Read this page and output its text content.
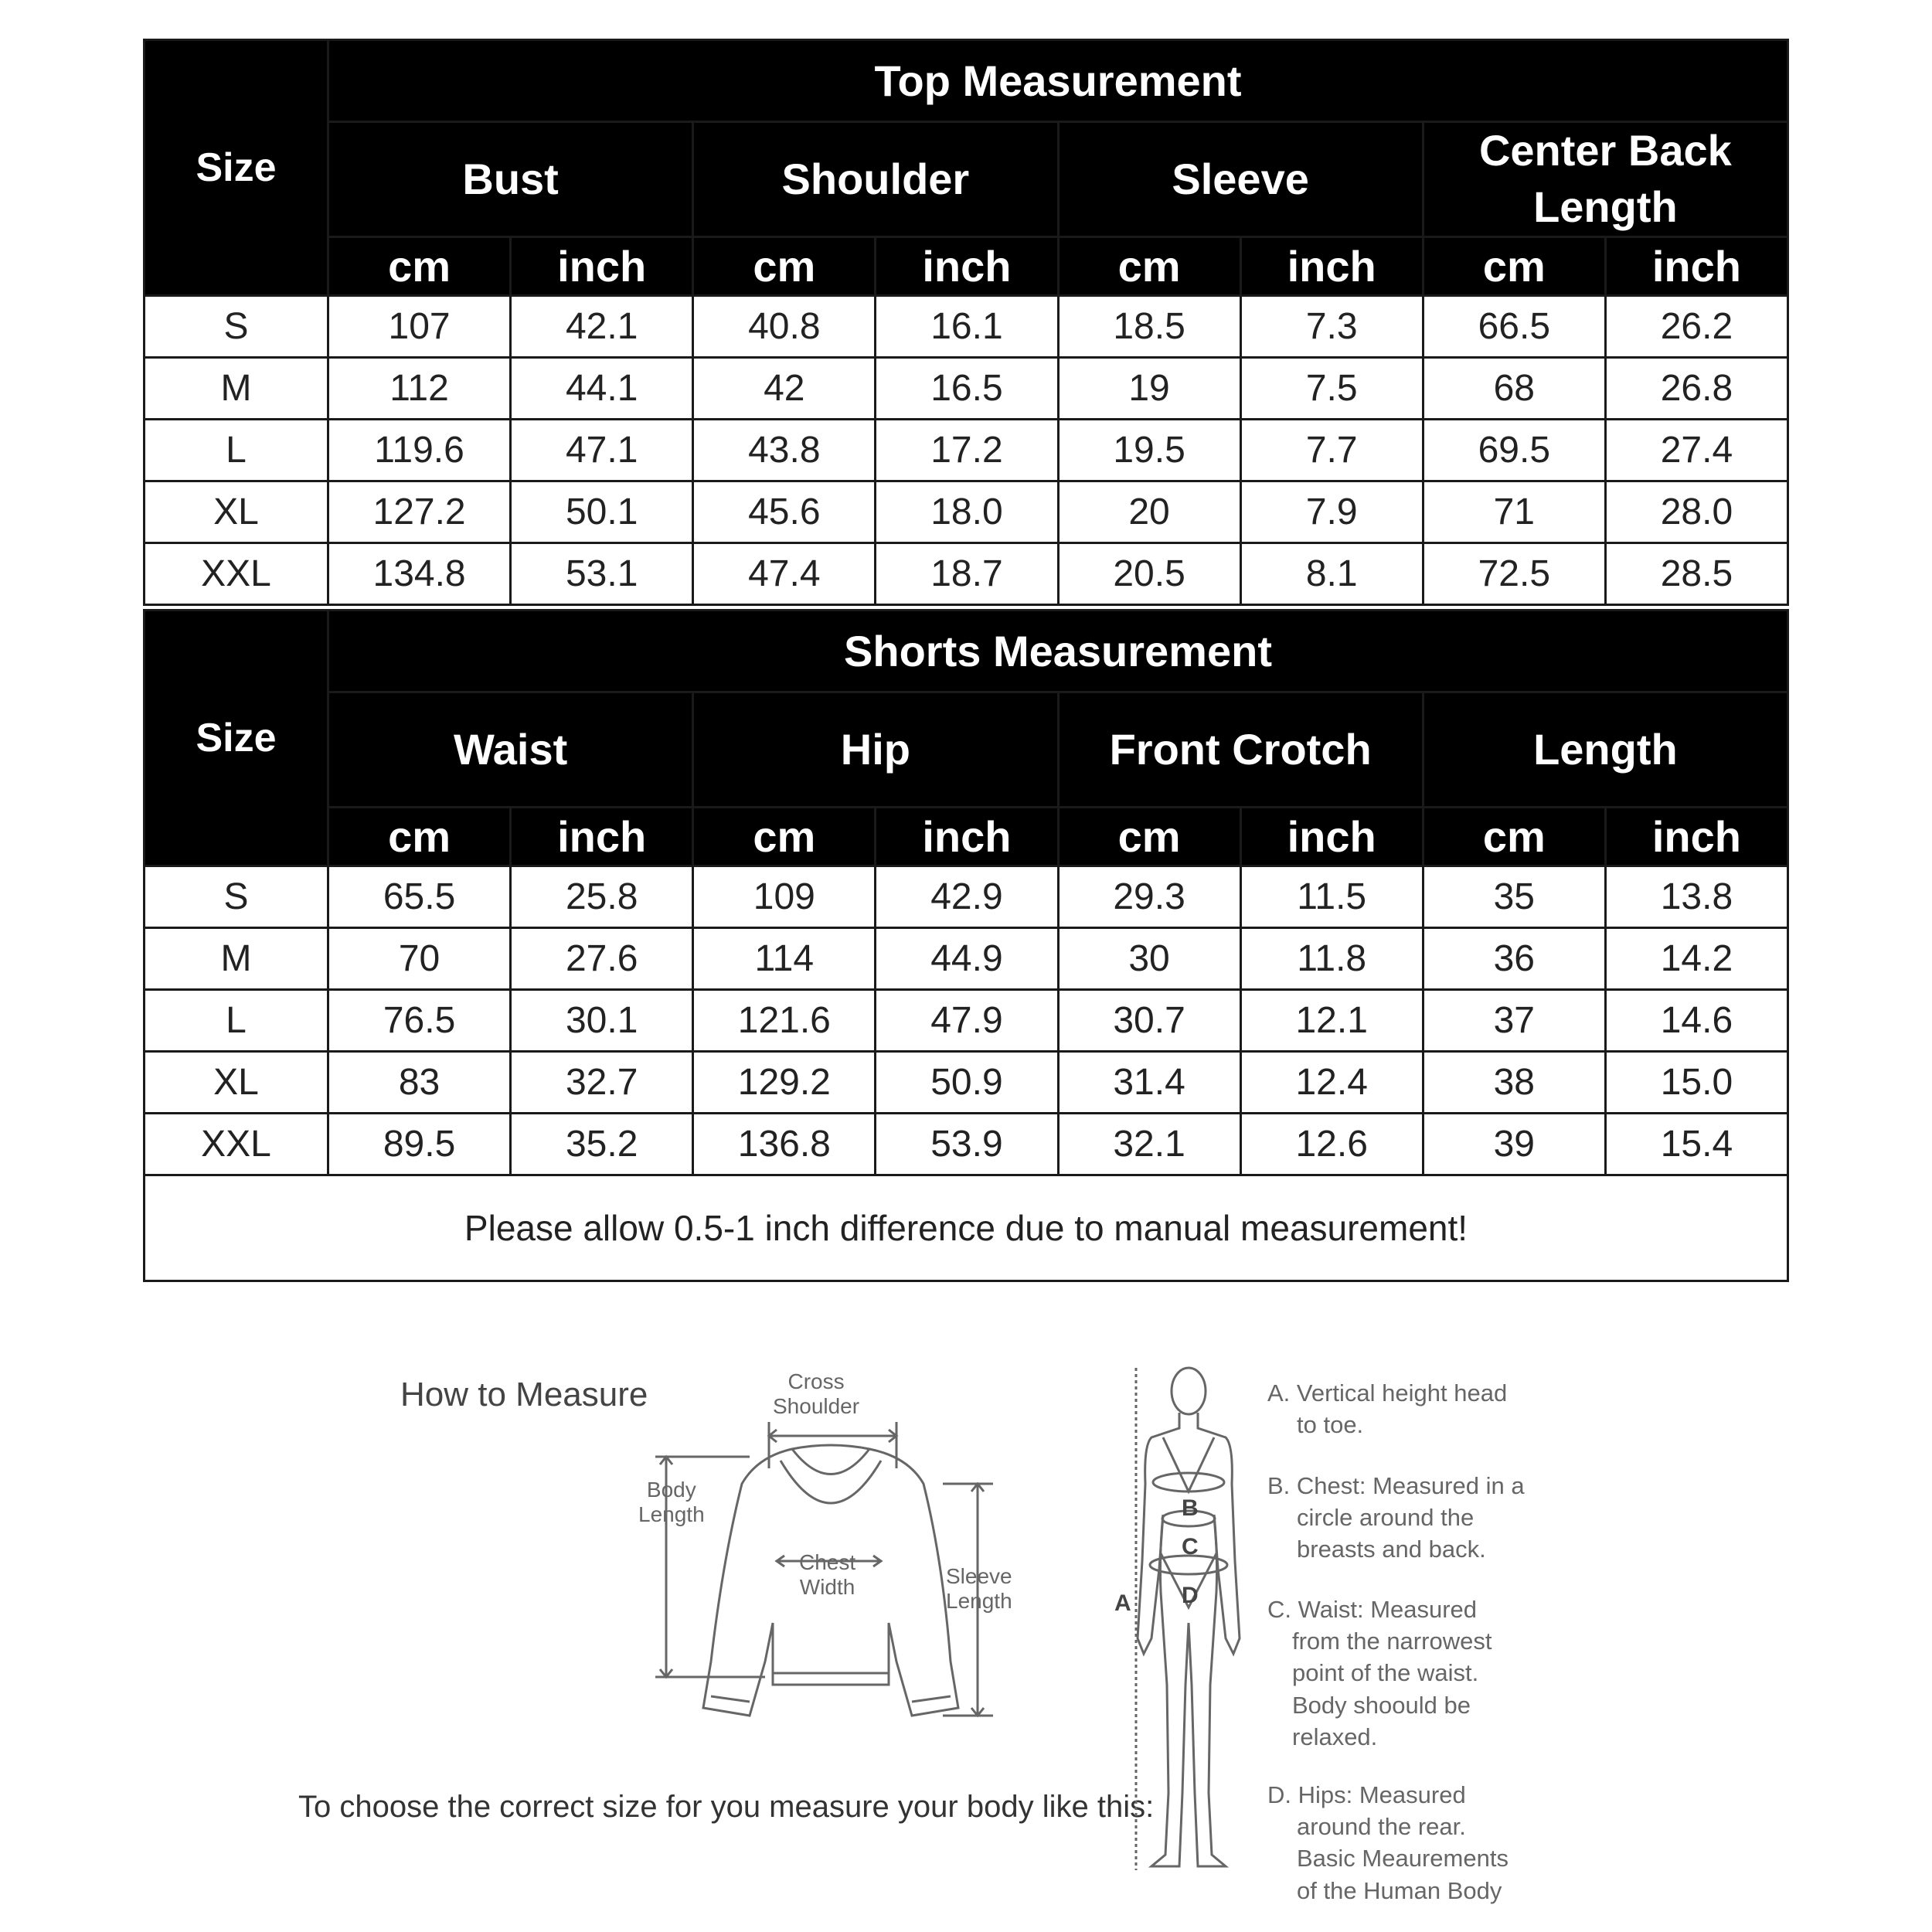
Size	Top Measurement							
	Bust		Shoulder		Sleeve		Center Back Length	
	cm	inch	cm	inch	cm	inch	cm	inch
S	107	42.1	40.8	16.1	18.5	7.3	66.5	26.2
M	112	44.1	42	16.5	19	7.5	68	26.8
L	119.6	47.1	43.8	17.2	19.5	7.7	69.5	27.4
XL	127.2	50.1	45.6	18.0	20	7.9	71	28.0
XXL	134.8	53.1	47.4	18.7	20.5	8.1	72.5	28.5
Size	Shorts Measurement							
	Waist		Hip		Front Crotch		Length	
	cm	inch	cm	inch	cm	inch	cm	inch
S	65.5	25.8	109	42.9	29.3	11.5	35	13.8
M	70	27.6	114	44.9	30	11.8	36	14.2
L	76.5	30.1	121.6	47.9	30.7	12.1	37	14.6
XL	83	32.7	129.2	50.9	31.4	12.4	38	15.0
XXL	89.5	35.2	136.8	53.9	32.1	12.6	39	15.4
Please allow 0.5-1 inch difference due to manual measurement!								
How to Measure
To choose the correct size for you measure your body like this:
Cross
Shoulder
Body
Length
Chest
Width	Sleeve
Length
B
C
D
A
A. Vertical height head
to toe.
B. Chest: Measured in a
circle around the
breasts and back.
C. Waist: Measured
from the narrowest
point of the waist.
Body shoould be
relaxed.
D. Hips: Measured
around the rear.
Basic Meaurements
of the Human Body
